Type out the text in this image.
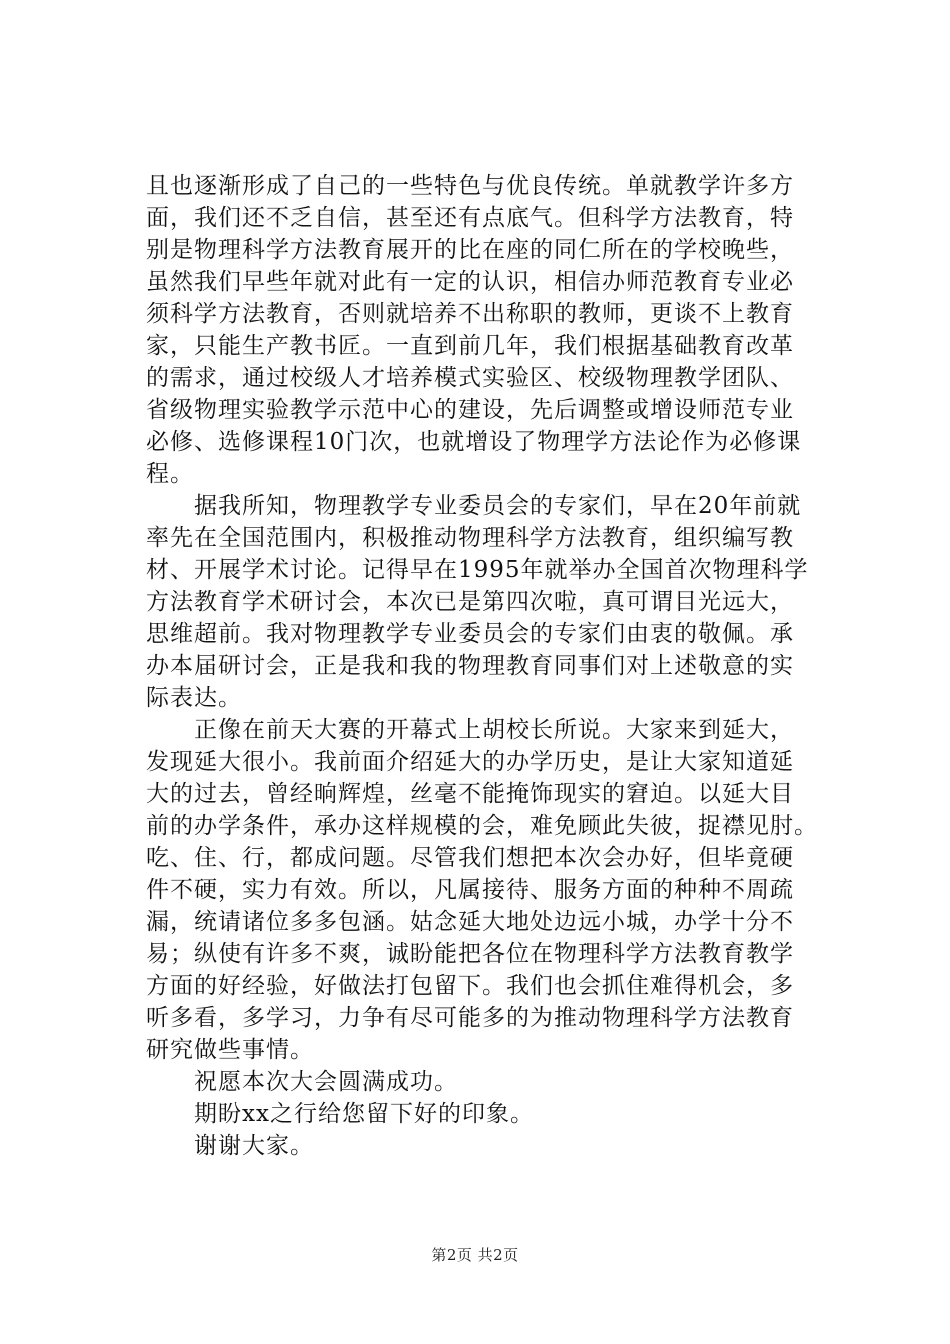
且也逐渐形成了自己的一些特色与优良传统。单就教学许多方
面，我们还不乏自信，甚至还有点底气。但科学方法教育，特
别是物理科学方法教育展开的比在座的同仁所在的学校晚些，
虽然我们早些年就对此有一定的认识，相信办师范教育专业必
须科学方法教育，否则就培养不出称职的教师，更谈不上教育
家，只能生产教书匠。一直到前几年，我们根据基础教育改革
的需求，通过校级人才培养模式实验区、校级物理教学团队、
省级物理实验教学示范中心的建设，先后调整或增设师范专业
必修、选修课程10门次，也就增设了物理学方法论作为必修课
程。
　　据我所知，物理教学专业委员会的专家们，早在20年前就
率先在全国范围内，积极推动物理科学方法教育，组织编写教
材、开展学术讨论。记得早在1995年就举办全国首次物理科学
方法教育学术研讨会，本次已是第四次啦，真可谓目光远大，
思维超前。我对物理教学专业委员会的专家们由衷的敬佩。承
办本届研讨会，正是我和我的物理教育同事们对上述敬意的实
际表达。
　　正像在前天大赛的开幕式上胡校长所说。大家来到延大，
发现延大很小。我前面介绍延大的办学历史，是让大家知道延
大的过去，曾经晌辉煌，丝毫不能掩饰现实的窘迫。以延大目
前的办学条件，承办这样规模的会，难免顾此失彼，捉襟见肘。
吃、住、行，都成问题。尽管我们想把本次会办好，但毕竟硬
件不硬，实力有效。所以，凡属接待、服务方面的种种不周疏
漏，统请诸位多多包涵。姑念延大地处边远小城，办学十分不
易；纵使有许多不爽，诚盼能把各位在物理科学方法教育教学
方面的好经验，好做法打包留下。我们也会抓住难得机会，多
听多看，多学习，力争有尽可能多的为推动物理科学方法教育
研究做些事情。
　　祝愿本次大会圆满成功。
　　期盼xx之行给您留下好的印象。
　　谢谢大家。
第2页 共2页
